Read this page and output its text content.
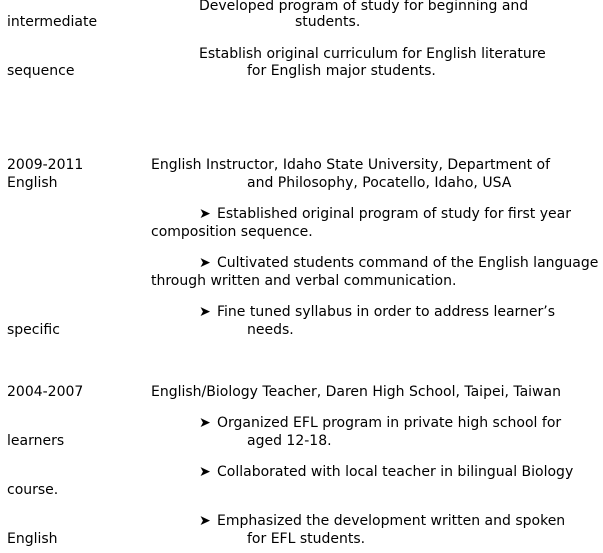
Developed program of study for beginning and
intermediate	students.
Establish original curriculum for English literature
sequence	for English major students.
2009-2011	English Instructor, Idaho State University, Department of
English	and Philosophy, Pocatello, Idaho, USA
➤ Established original program of study for first year
composition sequence.
➤ Cultivated students command of the English language
through written and verbal communication.
➤ Fine tuned syllabus in order to address learner’s
specific	needs.
2004-2007	English/Biology Teacher, Daren High School, Taipei, Taiwan
➤ Organized EFL program in private high school for
learners	aged 12-18.
➤ Collaborated with local teacher in bilingual Biology
course.
➤ Emphasized the development written and spoken
English	for EFL students.
